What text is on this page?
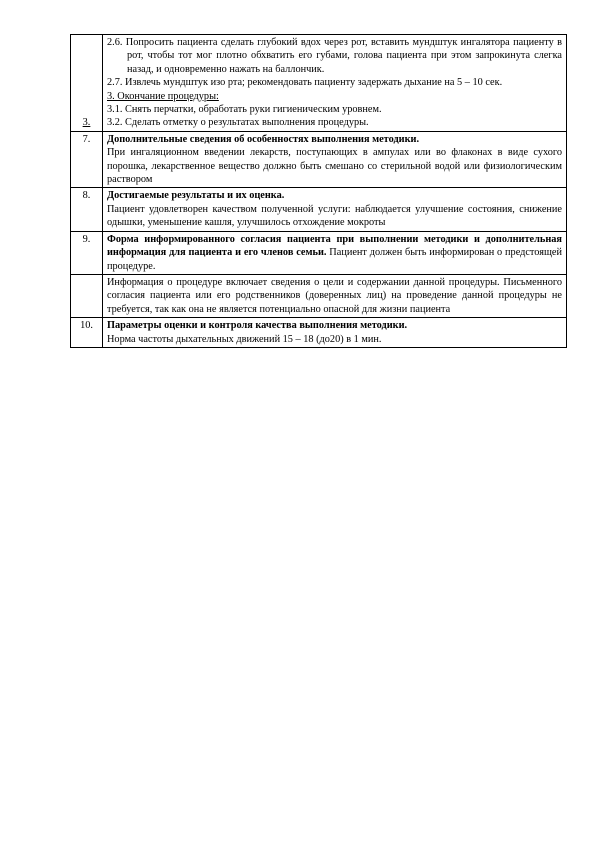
3.	2.6. Попросить пациента сделать глубокий вдох через рот, вставить мундштук ингалятора пациенту в рот, чтобы тот мог плотно обхватить его губами, голова пациента при этом запрокинута слегка назад, и одновременно нажать на баллончик.
2.7. Извлечь мундштук изо рта; рекомендовать пациенту задержать дыхание на 5 – 10 сек.
3. Окончание процедуры:
3.1. Снять перчатки, обработать руки гигиеническим уровнем.
3.2. Сделать отметку о результатах выполнения процедуры.

7.	Дополнительные сведения об особенностях выполнения методики.
При ингаляционном введении лекарств, поступающих в ампулах или во флаконах в виде сухого порошка, лекарственное вещество должно быть смешано со стерильной водой или физиологическим раствором

8.	Достигаемые результаты и их оценка.
Пациент удовлетворен качеством полученной услуги: наблюдается улучшение состояния, снижение одышки, уменьшение кашля, улучшилось отхождение мокроты

9.	Форма информированного согласия пациента при выполнении методики и дополнительная информация для пациента и его членов семьи. Пациент должен быть информирован о предстоящей процедуре.

	Информация о процедуре включает сведения о цели и содержании данной процедуры. Письменного согласия пациента или его родственников (доверенных лиц) на проведение данной процедуры не требуется, так как она не является потенциально опасной для жизни пациента

10.	Параметры оценки и контроля качества выполнения методики.
Норма частоты дыхательных движений 15 – 18 (до20) в 1 мин.
